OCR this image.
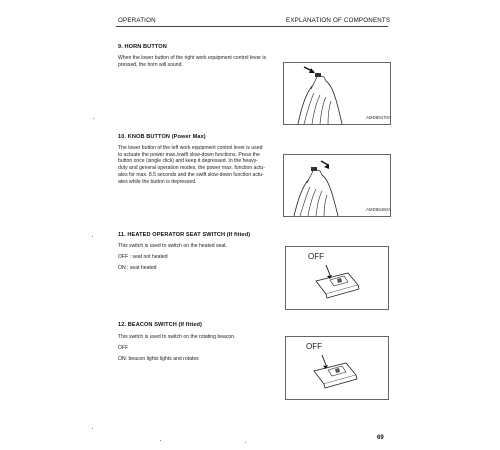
OPERATION	EXPLANATION OF COMPONENTS
9. HORN BUTTON
When the lower button of the right work equipment control lever is
pressed, the horn will sound.
AMD85470A
10. KNOB BUTTON (Power Max)
The lower button of the left work equipment control lever is used
to actuate the power max./swift slow-down functions. Press the
button once (single click) and keep it depressed. In the heavy-
duty and general operation modes, the power max. function actu-
ates for max. 8.5 seconds and the swift slow-down function actu-
ates while the button is depressed.
AMD85460A
11. HEATED OPERATOR SEAT SWITCH (If fitted)
This switch is used to switch on the heated seat.
OFF : seat not heated
ON : seat heated
OFF
12. BEACON SWITCH (If fitted)
This switch is used to switch on the rotating beacon.
OFF
ON: beacon lights lights and rotates
OFF
69
